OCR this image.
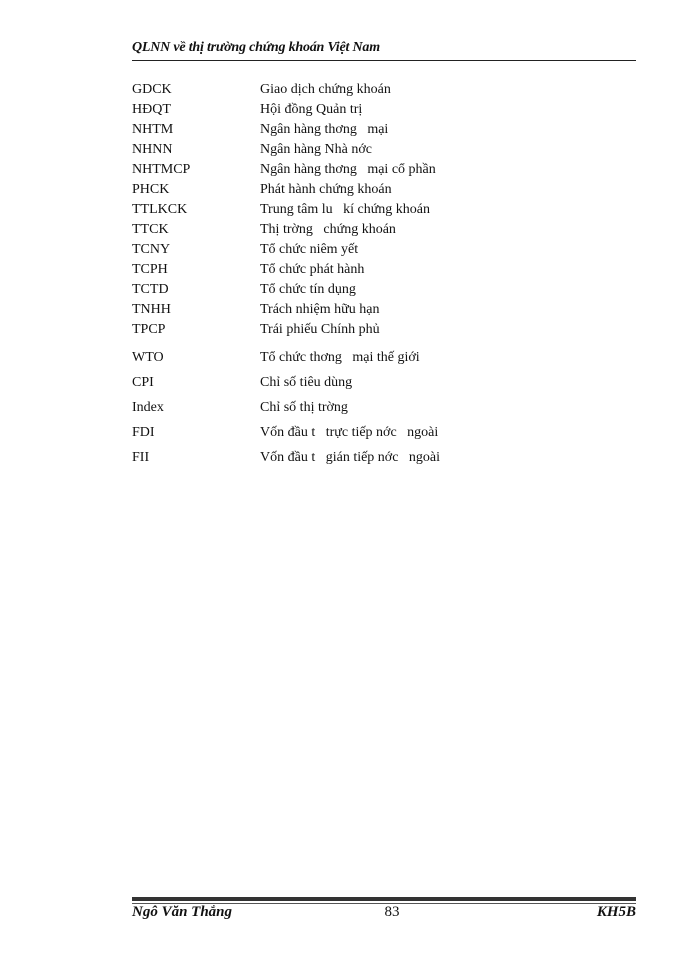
QLNN về thị trường chứng khoán Việt Nam
GDCK	Giao dịch chứng khoán
HĐQT	Hội đồng Quản trị
NHTM	Ngân hàng thơng   mại
NHNN	Ngân hàng Nhà nớc
NHTMCP	Ngân hàng thơng   mại cổ phần
PHCK	Phát hành chứng khoán
TTLKCK	Trung tâm lu   kí chứng khoán
TTCK	Thị trờng   chứng khoán
TCNY	Tổ chức niêm yết
TCPH	Tổ chức phát hành
TCTD	Tổ chức tín dụng
TNHH	Trách nhiệm hữu hạn
TPCP	Trái phiếu Chính phủ
WTO	Tổ chức thơng   mại thế giới
CPI	Chỉ số tiêu dùng
Index	Chỉ số thị trờng
FDI	Vốn đầu t   trực tiếp nớc   ngoài
FII	Vốn đầu t   gián tiếp nớc   ngoài
Ngô Văn Thắng	83	KH5B
